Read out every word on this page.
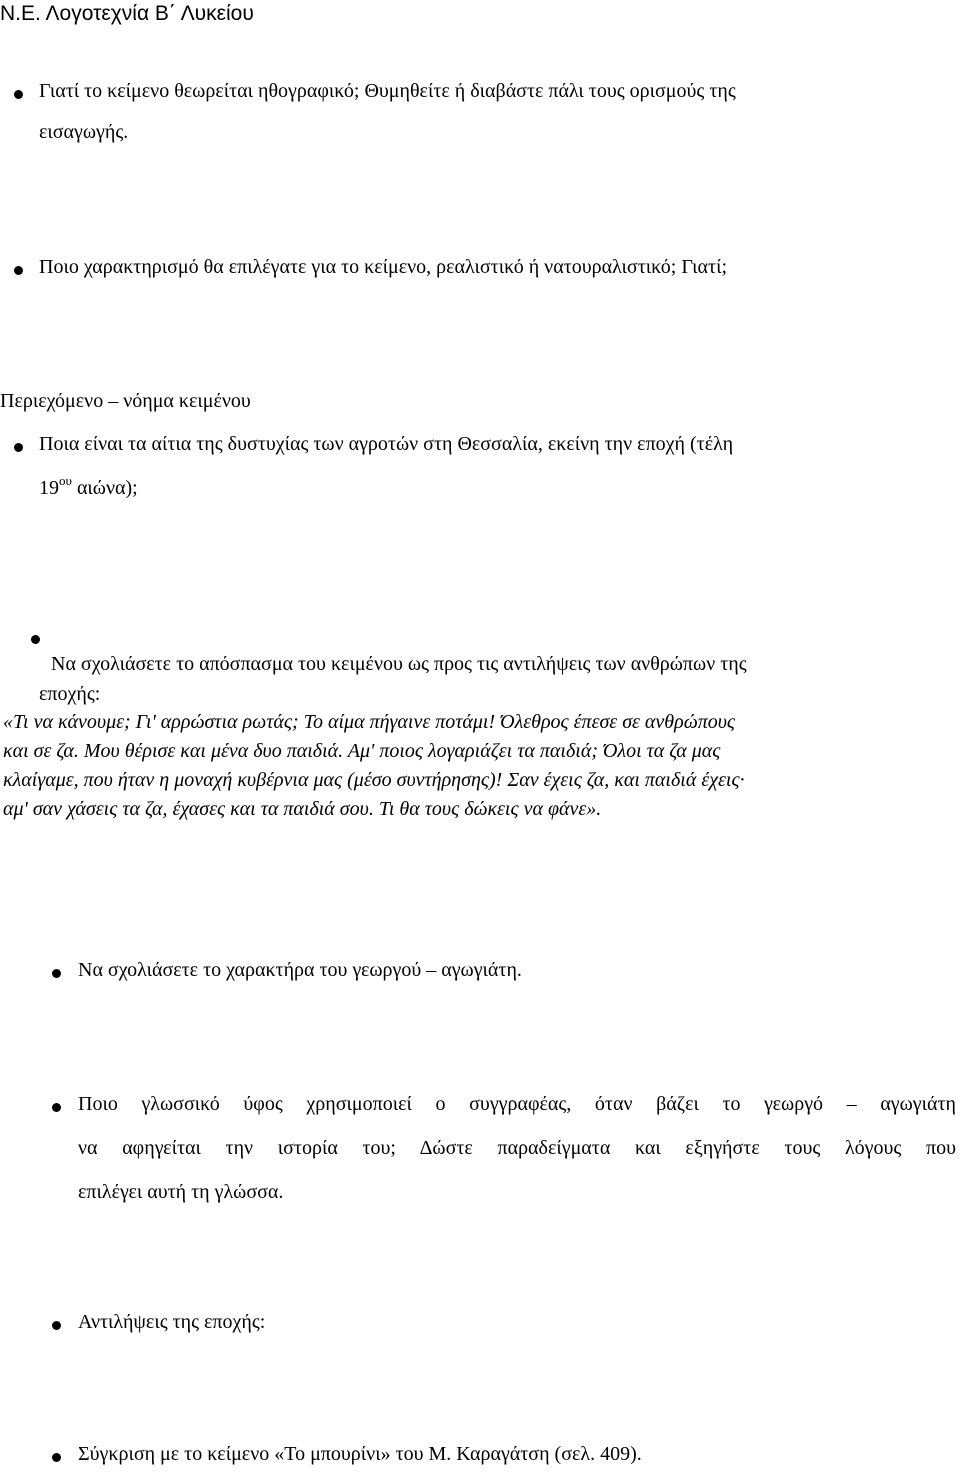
Ν.Ε. Λογοτεχνία Β΄ Λυκείου
Γιατί το κείμενο θεωρείται ηθογραφικό; Θυμηθείτε ή διαβάστε πάλι τους ορισμούς της
εισαγωγής.
Ποιο χαρακτηρισμό θα επιλέγατε για το κείμενο, ρεαλιστικό ή νατουραλιστικό; Γιατί;
Περιεχόμενο – νόημα κειμένου
Ποια είναι τα αίτια της δυστυχίας των αγροτών στη Θεσσαλία, εκείνη την εποχή (τέλη
$19^{o\upsilon}$ αιώνα);
Να σχολιάσετε το απόσπασμα του κειμένου ως προς τις αντιλήψεις των ανθρώπων της
εποχής:
«Τι να κάνουμε; Γι' αρρώστια ρωτάς; Το αίμα πήγαινε ποτάμι! Όλεθρος έπεσε σε ανθρώπους
και σε ζα. Μου θέρισε και μένα δυο παιδιά. Αμ' ποιος λογαριάζει τα παιδιά; Όλοι τα ζα μας
κλαίγαμε, που ήταν η μοναχή κυβέρνια μας (μέσο συντήρησης)! Σαν έχεις ζα, και παιδιά έχεις·
αμ' σαν χάσεις τα ζα, έχασες και τα παιδιά σου. Τι θα τους δώκεις να φάνε».
Να σχολιάσετε το χαρακτήρα του γεωργού – αγωγιάτη.
Ποιο γλωσσικό ύφος χρησιμοποιεί ο συγγραφέας, όταν βάζει το γεωργό – αγωγιάτη
να αφηγείται την ιστορία του; Δώστε παραδείγματα και εξηγήστε τους λόγους που
επιλέγει αυτή τη γλώσσα.
Αντιλήψεις της εποχής:
Σύγκριση με το κείμενο «Το μπουρίνι» του Μ. Καραγάτση (σελ. 409).
